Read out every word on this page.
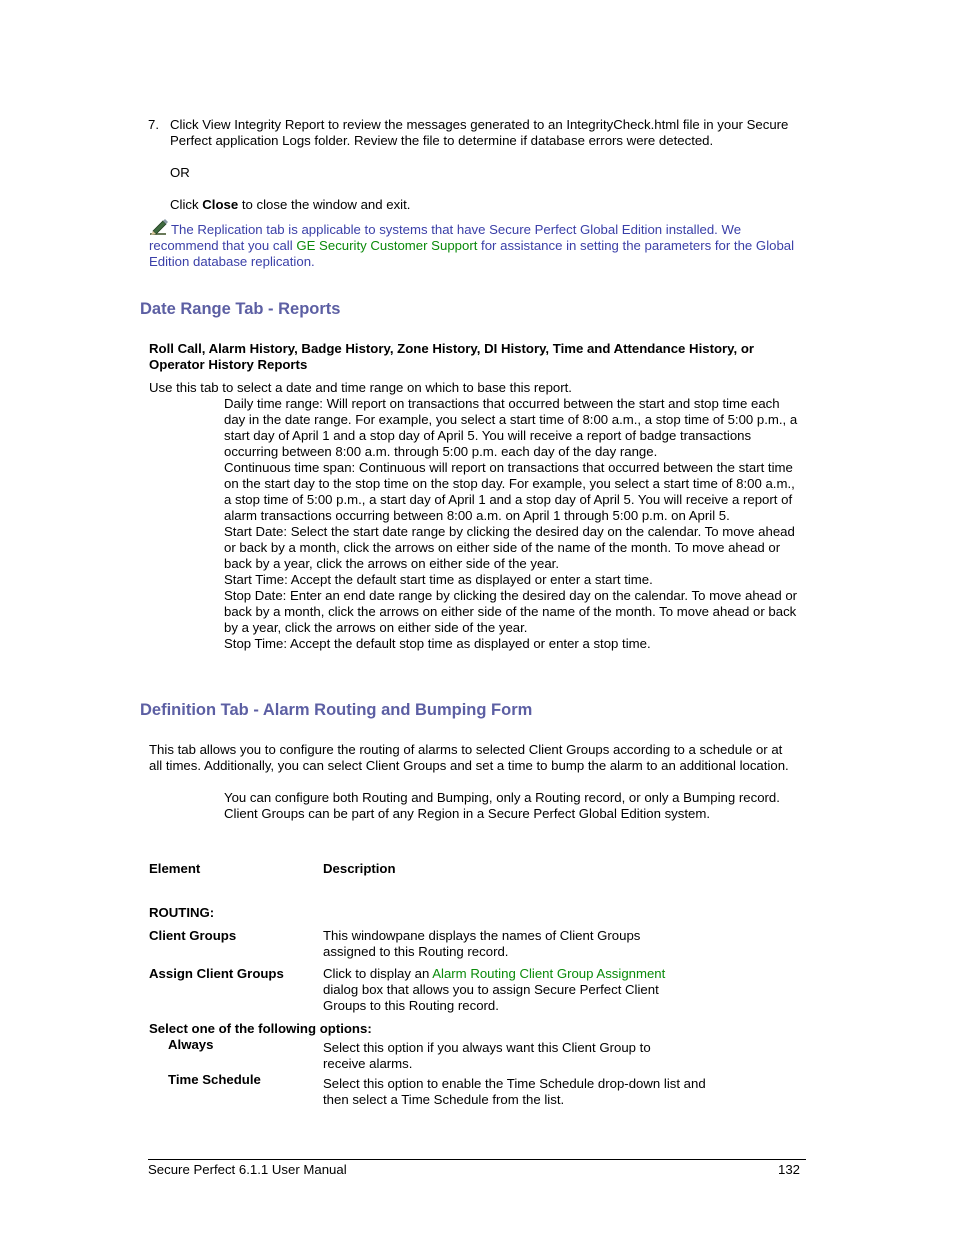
7. Click View Integrity Report to review the messages generated to an IntegrityCheck.html file in your Secure Perfect application Logs folder. Review the file to determine if database errors were detected.

OR
Click Close to close the window and exit.

The Replication tab is applicable to systems that have Secure Perfect Global Edition installed. We recommend that you call GE Security Customer Support for assistance in setting the parameters for the Global Edition database replication.

Date Range Tab - Reports

Roll Call, Alarm History, Badge History, Zone History, DI History, Time and Attendance History, or Operator History Reports

Use this tab to select a date and time range on which to base this report.

Daily time range: Will report on transactions that occurred between the start and stop time each day in the date range. For example, you select a start time of 8:00 a.m., a stop time of 5:00 p.m., a start day of April 1 and a stop day of April 5. You will receive a report of badge transactions occurring between 8:00 a.m. through 5:00 p.m. each day of the day range.

Continuous time span: Continuous will report on transactions that occurred between the start time on the start day to the stop time on the stop day. For example, you select a start time of 8:00 a.m., a stop time of 5:00 p.m., a start day of April 1 and a stop day of April 5. You will receive a report of alarm transactions occurring between 8:00 a.m. on April 1 through 5:00 p.m. on April 5.

Start Date: Select the start date range by clicking the desired day on the calendar. To move ahead or back by a month, click the arrows on either side of the name of the month. To move ahead or back by a year, click the arrows on either side of the year.

Start Time: Accept the default start time as displayed or enter a start time.

Stop Date: Enter an end date range by clicking the desired day on the calendar. To move ahead or back by a month, click the arrows on either side of the name of the month. To move ahead or back by a year, click the arrows on either side of the year.

Stop Time: Accept the default stop time as displayed or enter a stop time.

Definition Tab - Alarm Routing and Bumping Form

This tab allows you to configure the routing of alarms to selected Client Groups according to a schedule or at all times. Additionally, you can select Client Groups and set a time to bump the alarm to an additional location.

You can configure both Routing and Bumping, only a Routing record, or only a Bumping record.

Client Groups can be part of any Region in a Secure Perfect Global Edition system.

Element	Description
ROUTING:
Client Groups	This windowpane displays the names of Client Groups assigned to this Routing record.

Assign Client Groups	Click to display an Alarm Routing Client Group Assignment dialog box that allows you to assign Secure Perfect Client Groups to this Routing record.

Select one of the following options:
Always	Select this option if you always want this Client Group to receive alarms.

Time Schedule	Select this option to enable the Time Schedule drop-down list and then select a Time Schedule from the list.

Secure Perfect 6.1.1 User Manual	132
